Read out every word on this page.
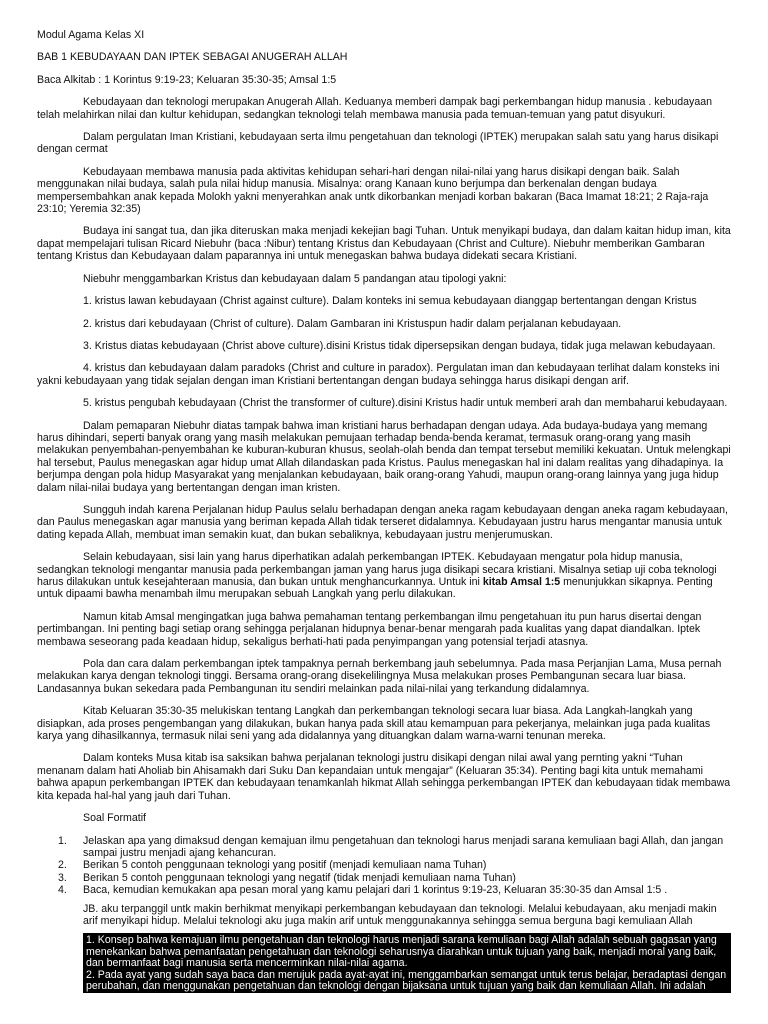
Modul Agama Kelas XI

BAB 1 KEBUDAYAAN DAN IPTEK SEBAGAI ANUGERAH ALLAH

Baca Alkitab : 1 Korintus 9:19-23; Keluaran 35:30-35; Amsal 1:5

Kebudayaan dan teknologi merupakan Anugerah Allah. Keduanya memberi dampak bagi perkembangan hidup manusia . kebudayaan telah melahirkan nilai dan kultur kehidupan, sedangkan teknologi telah membawa manusia pada temuan-temuan yang patut disyukuri.

Dalam pergulatan Iman Kristiani, kebudayaan serta ilmu pengetahuan dan teknologi (IPTEK) merupakan salah satu yang harus disikapi dengan cermat

Kebudayaan membawa manusia pada aktivitas kehidupan sehari-hari dengan nilai-nilai yang harus disikapi dengan baik. Salah menggunakan nilai budaya, salah pula nilai hidup manusia. Misalnya: orang Kanaan kuno berjumpa dan berkenalan dengan budaya mempersembahkan anak kepada Molokh yakni menyerahkan anak untk dikorbankan menjadi korban bakaran (Baca Imamat 18:21; 2 Raja-raja 23:10; Yeremia 32:35)

Budaya ini sangat tua, dan jika diteruskan maka menjadi kekejian bagi Tuhan. Untuk menyikapi budaya, dan dalam kaitan hidup iman, kita dapat mempelajari tulisan Ricard Niebuhr (baca :Nibur) tentang Kristus dan Kebudayaan (Christ and Culture). Niebuhr memberikan Gambaran tentang Kristus dan Kebudayaan dalam paparannya ini untuk menegaskan bahwa budaya didekati secara Kristiani.

Niebuhr menggambarkan Kristus dan kebudayaan dalam 5 pandangan atau tipologi yakni:

1. kristus lawan kebudayaan (Christ against culture). Dalam konteks ini semua kebudayaan dianggap bertentangan dengan Kristus

2. kristus dari kebudayaan (Christ of culture). Dalam Gambaran ini Kristuspun hadir dalam perjalanan kebudayaan.

3. Kristus diatas kebudayaan (Christ above culture).disini Kristus tidak dipersepsikan dengan budaya, tidak juga melawan kebudayaan.

4. kristus dan kebudayaan dalam paradoks (Christ and culture in paradox). Pergulatan iman dan kebudayaan terlihat dalam konsteks ini yakni kebudayaan yang tidak sejalan dengan iman Kristiani bertentangan dengan budaya sehingga harus disikapi dengan arif.

5. kristus pengubah kebudayaan (Christ the transformer of culture).disini Kristus hadir untuk memberi arah dan membaharui kebudayaan.

Dalam pemaparan Niebuhr diatas tampak bahwa iman kristiani harus berhadapan dengan udaya. Ada budaya-budaya yang memang harus dihindari, seperti banyak orang yang masih melakukan pemujaan terhadap benda-benda keramat, termasuk orang-orang yang masih melakukan penyembahan-penyembahan ke kuburan-kuburan khusus, seolah-olah benda dan tempat tersebut memiliki kekuatan. Untuk melengkapi hal tersebut, Paulus menegaskan agar hidup umat Allah dilandaskan pada Kristus. Paulus menegaskan hal ini dalam realitas yang dihadapinya. Ia berjumpa dengan pola hidup Masyarakat yang menjalankan kebudayaan, baik orang-orang Yahudi, maupun orang-orang lainnya yang juga hidup dalam nilai-nilai budaya yang bertentangan dengan iman kristen.

Sungguh indah karena Perjalanan hidup Paulus selalu berhadapan dengan aneka ragam kebudayaan dengan aneka ragam kebudayaan, dan Paulus menegaskan agar manusia yang beriman kepada Allah tidak terseret didalamnya. Kebudayaan justru harus mengantar manusia untuk dating kepada Allah, membuat iman semakin kuat, dan bukan sebaliknya, kebudayaan justru menjerumuskan.

Selain kebudayaan, sisi lain yang harus diperhatikan adalah perkembangan IPTEK. Kebudayaan mengatur pola hidup manusia, sedangkan teknologi mengantar manusia pada perkembangan jaman yang harus juga disikapi secara kristiani. Misalnya setiap uji coba teknologi harus dilakukan untuk kesejahteraan manusia, dan bukan untuk menghancurkannya. Untuk ini kitab Amsal 1:5 menunjukkan sikapnya. Penting untuk dipaami bawha menambah ilmu merupakan sebuah Langkah yang perlu dilakukan.

Namun kitab Amsal mengingatkan juga bahwa pemahaman tentang perkembangan ilmu pengetahuan itu pun harus disertai dengan pertimbangan. Ini penting bagi setiap orang sehingga perjalanan hidupnya benar-benar mengarah pada kualitas yang dapat diandalkan. Iptek membawa seseorang pada keadaan hidup, sekaligus berhati-hati pada penyimpangan yang potensial terjadi atasnya.

Pola dan cara dalam perkembangan iptek tampaknya pernah berkembang jauh sebelumnya. Pada masa Perjanjian Lama, Musa pernah melakukan karya dengan teknologi tinggi. Bersama orang-orang disekelilingnya Musa melakukan proses Pembangunan secara luar biasa. Landasannya bukan sekedara pada Pembangunan itu sendiri melainkan pada nilai-nilai yang terkandung didalamnya.

Kitab Keluaran 35:30-35 melukiskan tentang Langkah dan perkembangan teknologi secara luar biasa. Ada Langkah-langkah yang disiapkan, ada proses pengembangan yang dilakukan, bukan hanya pada skill atau kemampuan para pekerjanya, melainkan juga pada kualitas karya yang dihasilkannya, termasuk nilai seni yang ada didalannya yang dituangkan dalam warna-warni tenunan mereka.

Dalam konteks Musa kitab isa saksikan bahwa perjalanan teknologi justru disikapi dengan nilai awal yang pernting yakni “Tuhan menanam dalam hati Aholiab bin Ahisamakh dari Suku Dan kepandaian untuk mengajar” (Keluaran 35:34). Penting bagi kita untuk memahami bahwa apapun perkembangan IPTEK dan kebudayaan tenamkanlah hikmat Allah sehingga perkembangan IPTEK dan kebudayaan tidak membawa kita kepada hal-hal yang jauh dari Tuhan.

Soal Formatif

1.	Jelaskan apa yang dimaksud dengan kemajuan ilmu pengetahuan dan teknologi harus menjadi sarana kemuliaan bagi Allah, dan jangan sampai justru menjadi ajang kehancuran.
2.	Berikan 5 contoh penggunaan teknologi yang positif (menjadi kemuliaan nama Tuhan)
3.	Berikan 5 contoh penggunaan teknologi yang negatif (tidak menjadi kemuliaan nama Tuhan)
4.	Baca, kemudian kemukakan apa pesan moral yang kamu pelajari dari 1 korintus 9:19-23, Keluaran 35:30-35 dan Amsal 1:5 .

JB. aku terpanggil untk makin berhikmat menyikapi perkembangan kebudayaan dan teknologi. Melalui kebudayaan, aku menjadi makin arif menyikapi hidup. Melalui teknologi aku juga makin arif untuk menggunakannya sehingga semua berguna bagi kemuliaan Allah

1. Konsep bahwa kemajuan ilmu pengetahuan dan teknologi harus menjadi sarana kemuliaan bagi Allah adalah sebuah gagasan yang menekankan bahwa pemanfaatan pengetahuan dan teknologi seharusnya diarahkan untuk tujuan yang baik, menjadi moral yang baik, dan bermanfaat bagi manusia serta mencerminkan nilai-nilai agama.

2. Pada ayat yang sudah saya baca dan merujuk pada ayat-ayat ini, menggambarkan semangat untuk terus belajar, beradaptasi dengan perubahan, dan menggunakan pengetahuan dan teknologi dengan bijaksana untuk tujuan yang baik dan kemuliaan Allah. Ini adalah
